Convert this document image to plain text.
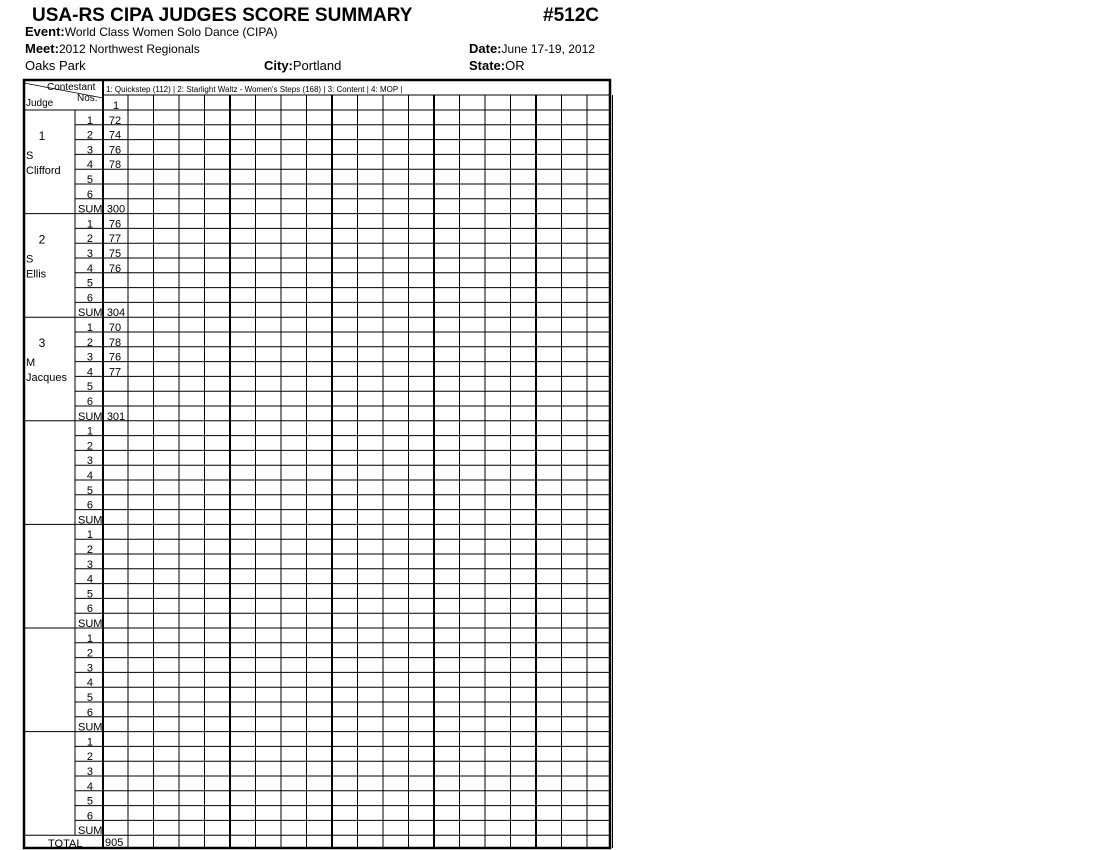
USA-RS CIPA JUDGES SCORE SUMMARY	#512C
Event:World Class Women Solo Dance (CIPA)
Meet:2012 Northwest Regionals	Date:June 17-19, 2012
Oaks Park	City:Portland	State:OR
Contestant
Nos.
Judge
1: Quickstep (112) | 2: Starlight Waltz - Women's Steps (168) | 3: Content | 4: MOP |
1
1
S
Clifford
1 72
2 74
3 76
4 78
5
6
SUM 300
2
S
Ellis
1 76
2 77
3 75
4 76
5
6
SUM 304
3
M
Jacques
1 70
2 78
3 76
4 77
5
6
SUM 301
1
2
3
4
5
6
SUM
1
2
3
4
5
6
SUM
1
2
3
4
5
6
SUM
1
2
3
4
5
6
SUM
TOTAL 905
